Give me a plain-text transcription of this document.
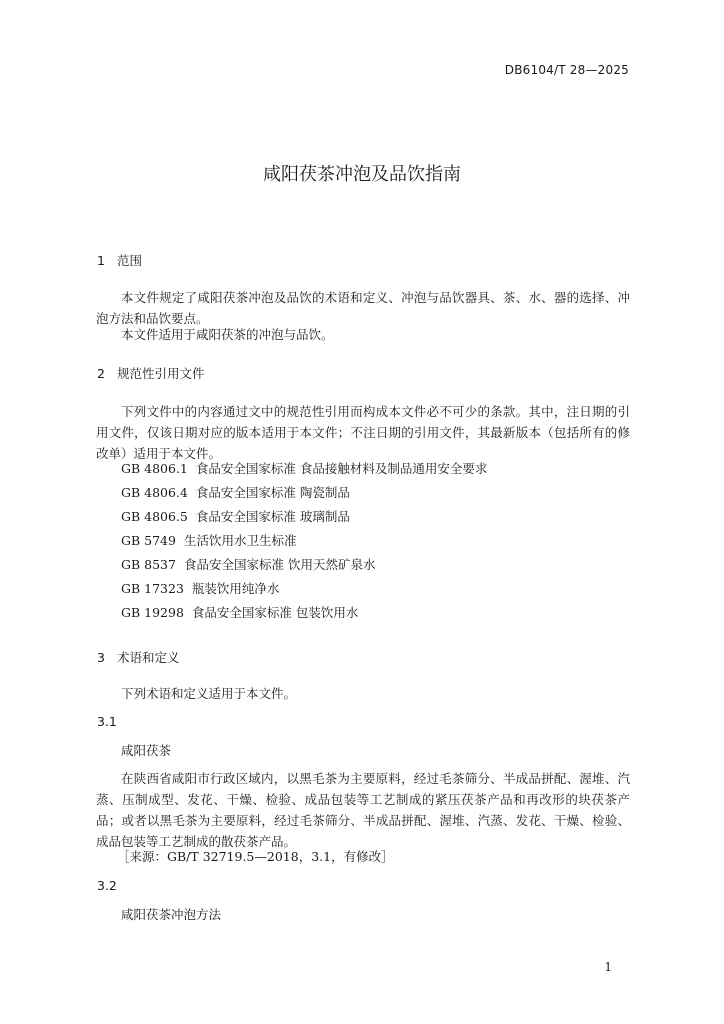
DB6104/T 28—2025
咸阳茯茶冲泡及品饮指南
1 范围
本文件规定了咸阳茯茶冲泡及品饮的术语和定义、冲泡与品饮器具、茶、水、器的选择、冲泡方法和品饮要点。
本文件适用于咸阳茯茶的冲泡与品饮。
2 规范性引用文件
下列文件中的内容通过文中的规范性引用而构成本文件必不可少的条款。其中，注日期的引用文件，仅该日期对应的版本适用于本文件；不注日期的引用文件，其最新版本（包括所有的修改单）适用于本文件。
GB 4806.1 食品安全国家标准 食品接触材料及制品通用安全要求
GB 4806.4 食品安全国家标准 陶瓷制品
GB 4806.5 食品安全国家标准 玻璃制品
GB 5749 生活饮用水卫生标准
GB 8537 食品安全国家标准 饮用天然矿泉水
GB 17323 瓶装饮用纯净水
GB 19298 食品安全国家标准 包装饮用水
3 术语和定义
下列术语和定义适用于本文件。
3.1
咸阳茯茶
在陕西省咸阳市行政区域内，以黑毛茶为主要原料，经过毛茶筛分、半成品拼配、渥堆、汽蒸、压制成型、发花、干燥、检验、成品包装等工艺制成的紧压茯茶产品和再改形的块茯茶产品；或者以黑毛茶为主要原料，经过毛茶筛分、半成品拼配、渥堆、汽蒸、发花、干燥、检验、成品包装等工艺制成的散茯茶产品。
［来源：GB/T 32719.5—2018，3.1，有修改］
3.2
咸阳茯茶冲泡方法
1
